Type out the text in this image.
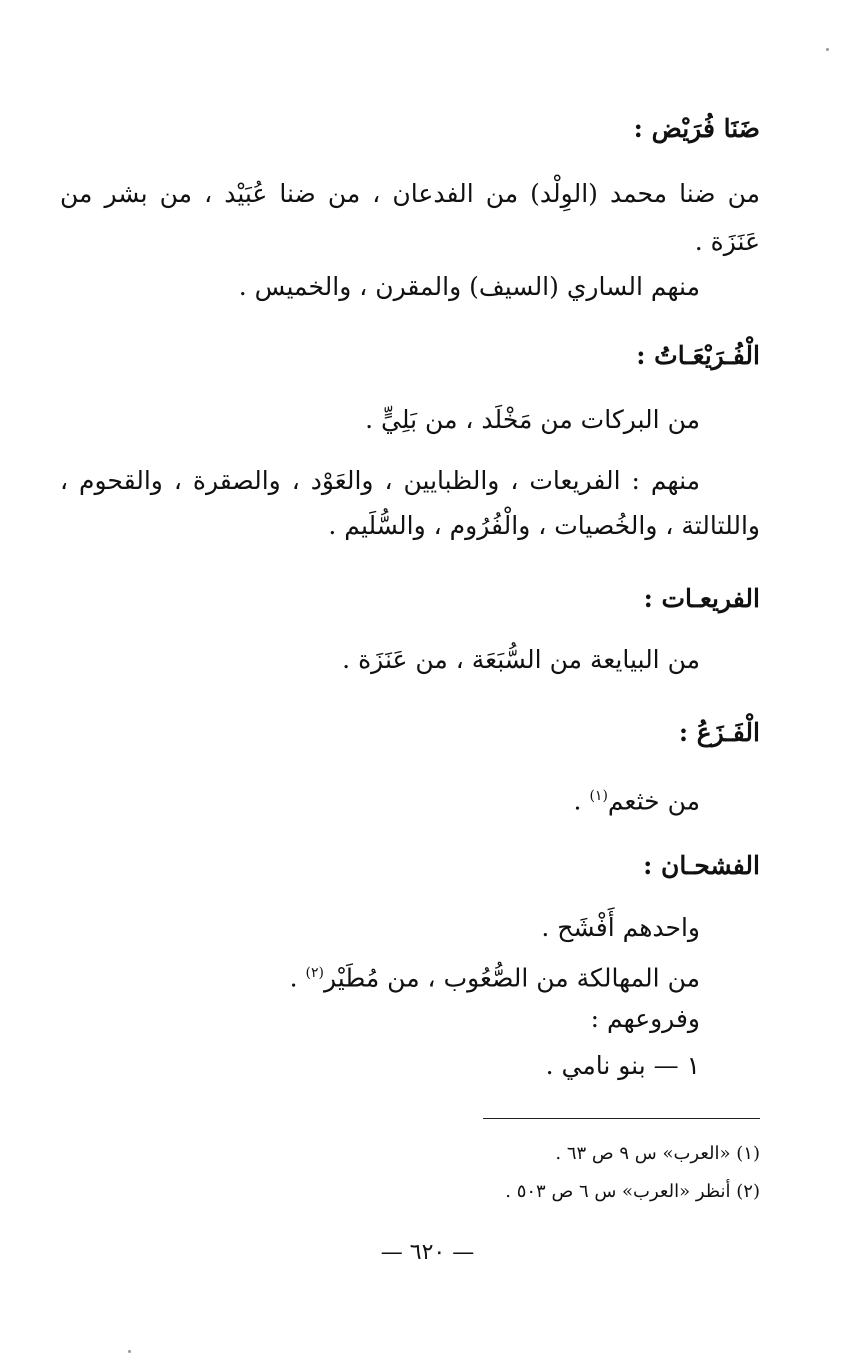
ضَنَا فُرَيْض :
من ضنا محمد (الوِلْد) من الفدعان ، من ضنا عُبَيْد ، من بشر من
عَنَزَة .
منهم الساري (السيف) والمقرن ، والخميس .
الْفُـرَيْعَـاتُ :
من البركات من مَخْلَد ، من بَلِيٍّ .
منهم : الفريعات ، والظبايين ، والعَوْد ، والصقرة ، والقحوم ،
واللتالتة ، والخُصيات ، والْفُرُوم ، والسُّلَيم .
الفريعـات :
من البيايعة من السُّبَعَة ، من عَنَزَة .
الْفَـزَعُ :
من خثعم$^{(١)}$ .
الفشحـان :
واحدهم أَفْشَح .
من المهالكة من الصُّعُوب ، من مُطَيْر$^{(٢)}$ .
وفروعهم :
١ — بنو نامي .
(١) «العرب» س ٩ ص ٦٣ .
(٢) أنظر «العرب» س ٦ ص ٥٠٣ .
— ٦٢٠ —
